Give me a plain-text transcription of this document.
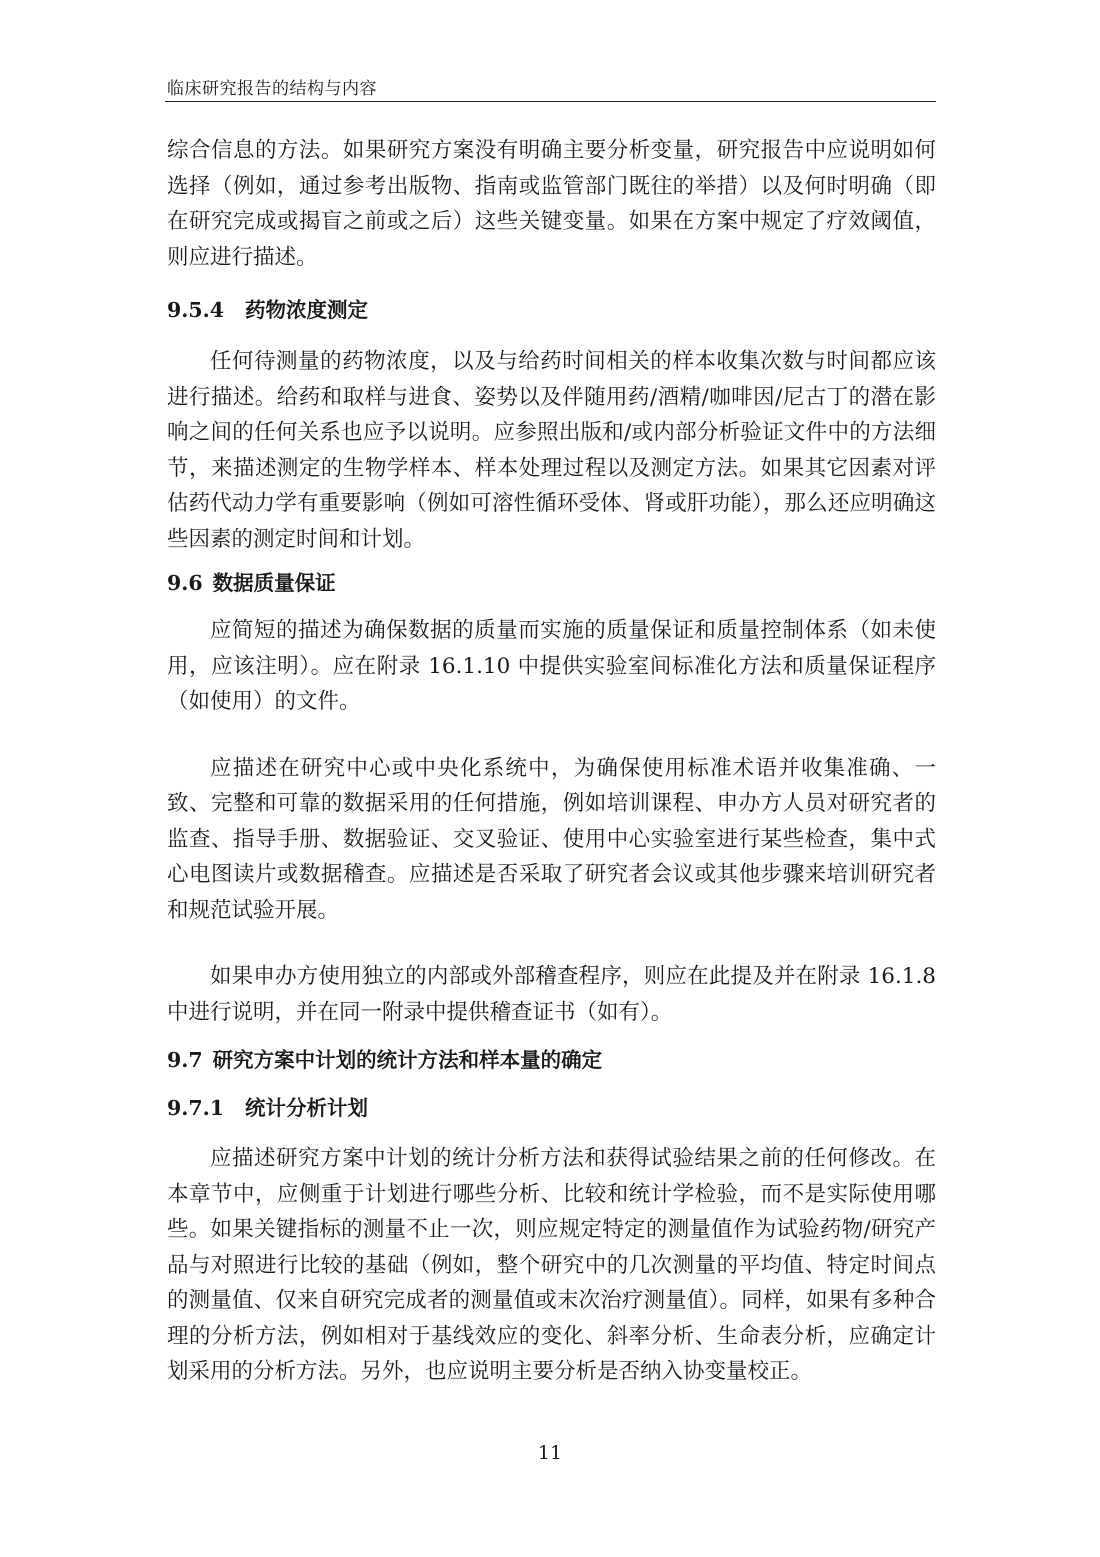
临床研究报告的结构与内容

综合信息的方法。如果研究方案没有明确主要分析变量，研究报告中应说明如何选择（例如，通过参考出版物、指南或监管部门既往的举措）以及何时明确（即在研究完成或揭盲之前或之后）这些关键变量。如果在方案中规定了疗效阈值，则应进行描述。

9.5.4 药物浓度测定

任何待测量的药物浓度，以及与给药时间相关的样本收集次数与时间都应该进行描述。给药和取样与进食、姿势以及伴随用药/酒精/咖啡因/尼古丁的潜在影响之间的任何关系也应予以说明。应参照出版和/或内部分析验证文件中的方法细节，来描述测定的生物学样本、样本处理过程以及测定方法。如果其它因素对评估药代动力学有重要影响（例如可溶性循环受体、肾或肝功能），那么还应明确这些因素的测定时间和计划。

9.6 数据质量保证

应简短的描述为确保数据的质量而实施的质量保证和质量控制体系（如未使用，应该注明）。应在附录 16.1.10 中提供实验室间标准化方法和质量保证程序（如使用）的文件。

应描述在研究中心或中央化系统中，为确保使用标准术语并收集准确、一致、完整和可靠的数据采用的任何措施，例如培训课程、申办方人员对研究者的监查、指导手册、数据验证、交叉验证、使用中心实验室进行某些检查，集中式心电图读片或数据稽查。应描述是否采取了研究者会议或其他步骤来培训研究者和规范试验开展。

如果申办方使用独立的内部或外部稽查程序，则应在此提及并在附录 16.1.8 中进行说明，并在同一附录中提供稽查证书（如有）。

9.7 研究方案中计划的统计方法和样本量的确定
9.7.1 统计分析计划

应描述研究方案中计划的统计分析方法和获得试验结果之前的任何修改。在本章节中，应侧重于计划进行哪些分析、比较和统计学检验，而不是实际使用哪些。如果关键指标的测量不止一次，则应规定特定的测量值作为试验药物/研究产品与对照进行比较的基础（例如，整个研究中的几次测量的平均值、特定时间点的测量值、仅来自研究完成者的测量值或末次治疗测量值）。同样，如果有多种合理的分析方法，例如相对于基线效应的变化、斜率分析、生命表分析，应确定计划采用的分析方法。另外，也应说明主要分析是否纳入协变量校正。

11
